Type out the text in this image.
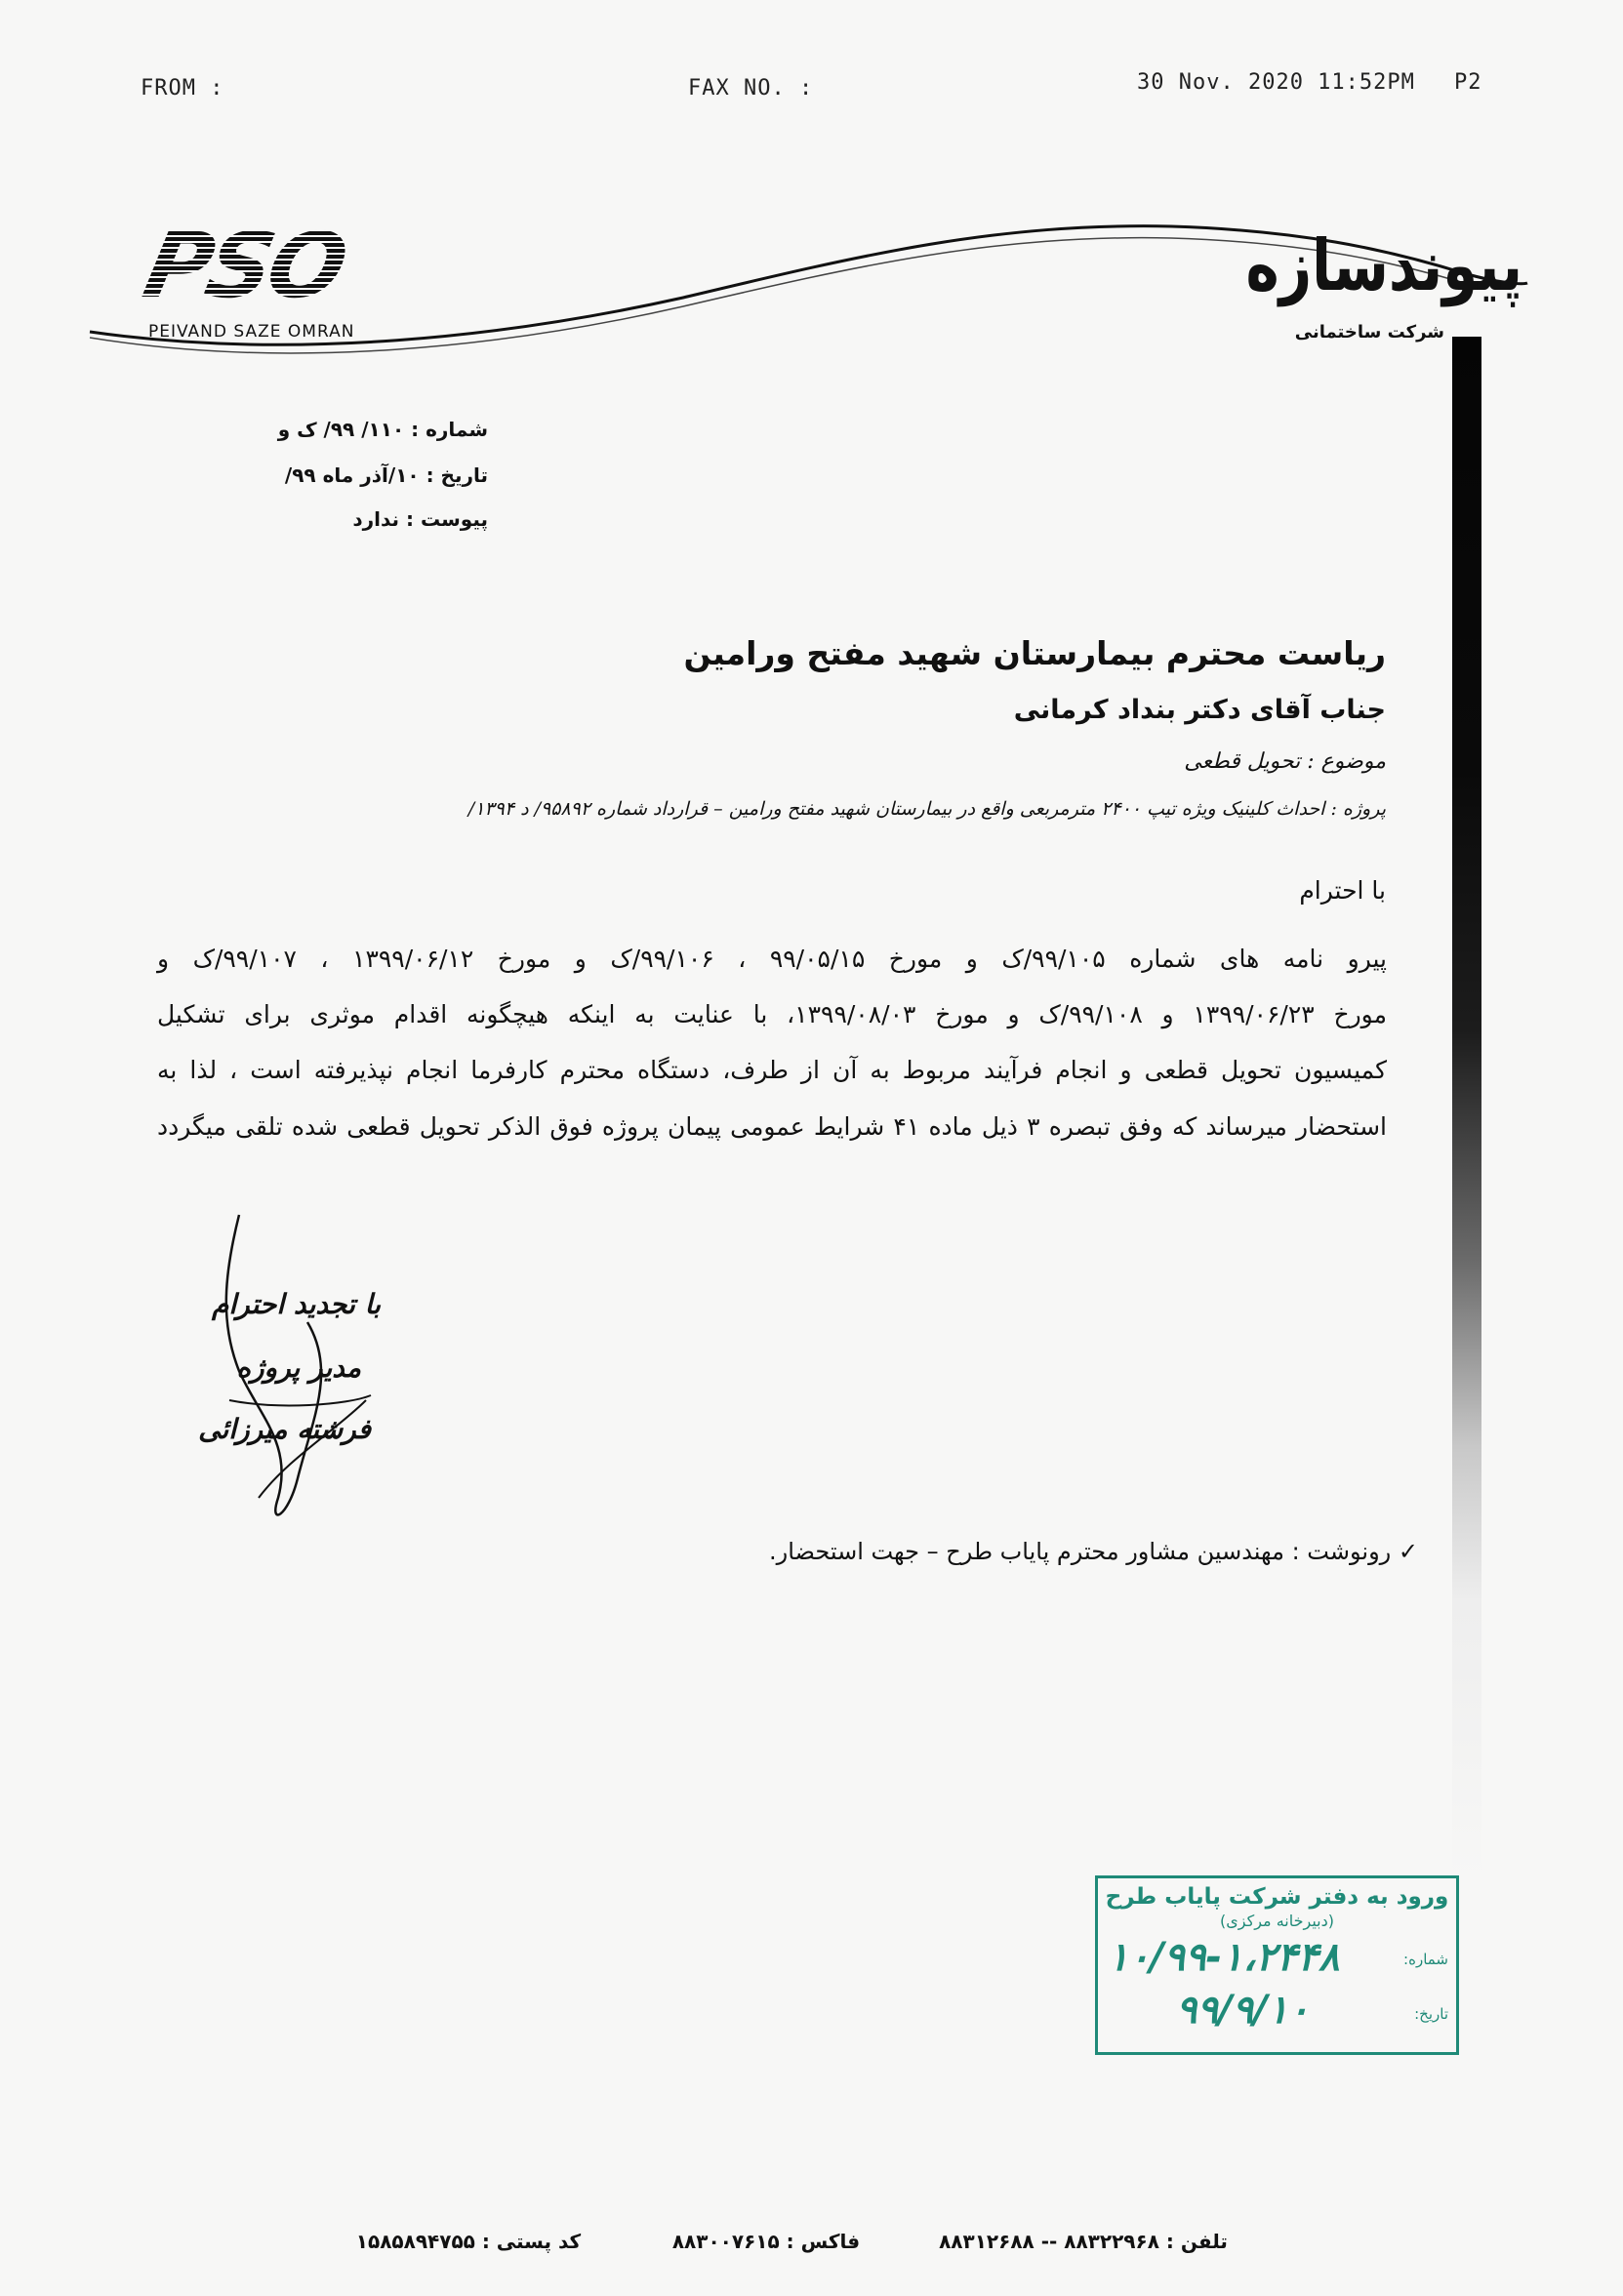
FROM :	FAX NO. :	30 Nov. 2020 11:52PM P2
PSO
PEIVAND SAZE OMRAN
پیوندسازه
شرکت ساختمانی
شماره : ۱۱۰/ ۹۹/ ک و
تاریخ : ۱۰/آذر ماه ۹۹/
پیوست : ندارد
ریاست محترم بیمارستان شهید مفتح ورامین
جناب آقای دکتر بنداد کرمانی
موضوع : تحویل قطعی
پروژه : احداث کلینیک ویژه تیپ ۲۴۰۰ مترمربعی واقع در بیمارستان شهید مفتح ورامین – قرارداد شماره ۹۵۸۹۲/ د ۱۳۹۴/
با احترام
پیرو نامه های شماره ۹۹/۱۰۵/ک و مورخ ۹۹/۰۵/۱۵ ، ۹۹/۱۰۶/ک و مورخ ۱۳۹۹/۰۶/۱۲ ، ۹۹/۱۰۷/ک و
مورخ ۱۳۹۹/۰۶/۲۳ و ۹۹/۱۰۸/ک و مورخ ۱۳۹۹/۰۸/۰۳، با عنایت به اینکه هیچگونه اقدام موثری برای تشکیل
کمیسیون تحویل قطعی و انجام فرآیند مربوط به آن از طرف، دستگاه محترم کارفرما انجام نپذیرفته است ، لذا به
استحضار میرساند که وفق تبصره ۳ ذیل ماده ۴۱ شرایط عمومی پیمان پروژه فوق الذکر تحویل قطعی شده تلقی میگردد
با تجدید احترام
مدیر پروژه
فرشته میرزائی
✓ رونوشت : مهندسین مشاور محترم پایاب طرح – جهت استحضار.
ورود به دفتر شرکت پایاب طرح
(دبیرخانه مرکزی)
شماره:
۱۰/۹۹-۱،۲۴۴۸
تاریخ:
۹۹/۹/۱۰
کد پستی : ۱۵۸۵۸۹۴۷۵۵	فاکس : ۸۸۳۰۰۷۶۱۵	تلفن : ۸۸۳۲۲۹۶۸ -- ۸۸۳۱۲۶۸۸
